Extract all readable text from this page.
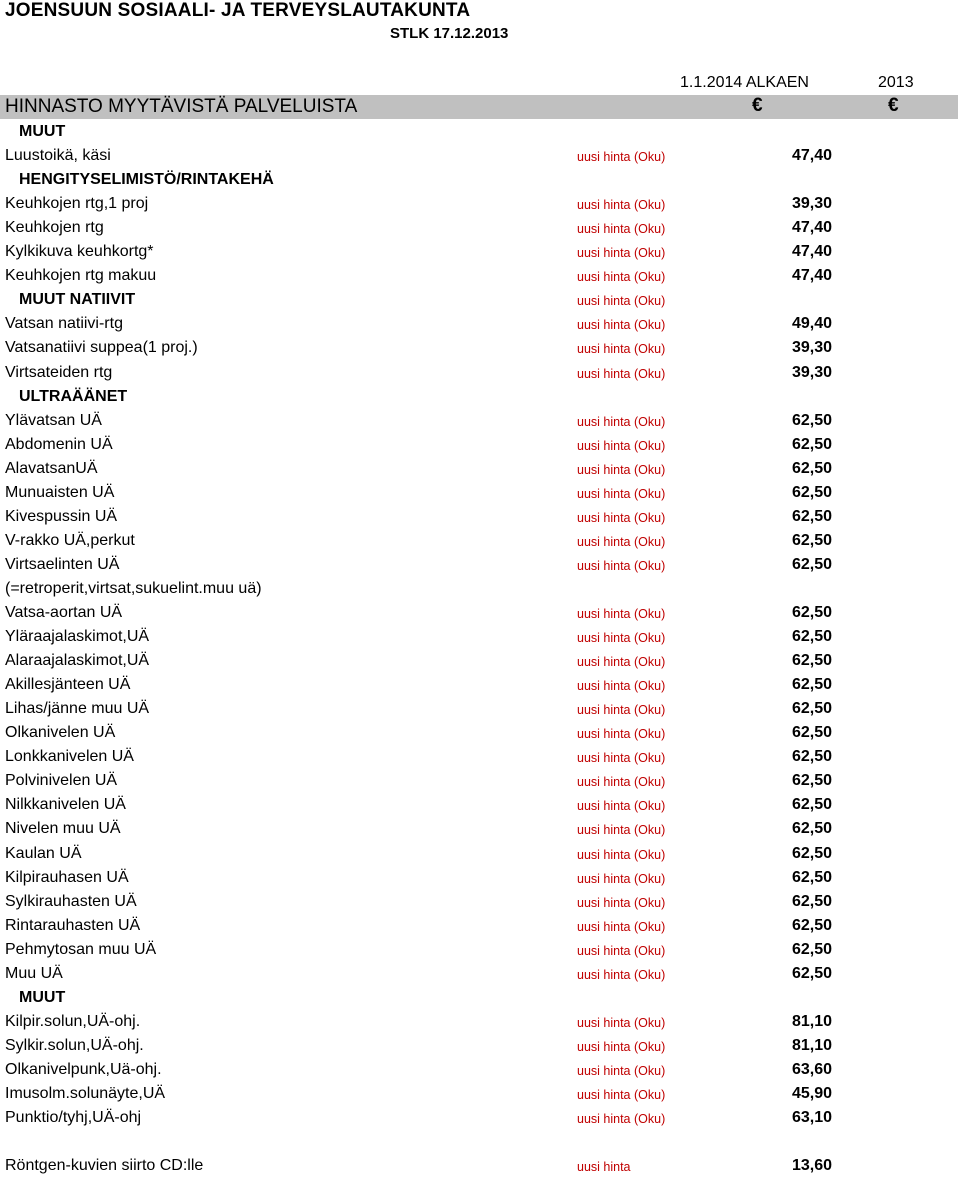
JOENSUUN SOSIAALI- JA TERVEYSLAUTAKUNTA
STLK 17.12.2013
1.1.2014 ALKAEN	2013
HINNASTO MYYTÄVISTÄ PALVELUISTA	€	€
MUUT
Luustoikä, käsi	uusi hinta (Oku)	47,40
HENGITYSELIMISTÖ/RINTAKEHÄ
Keuhkojen rtg,1 proj	uusi hinta (Oku)	39,30
Keuhkojen rtg	uusi hinta (Oku)	47,40
Kylkikuva keuhkortg*	uusi hinta (Oku)	47,40
Keuhkojen rtg makuu	uusi hinta (Oku)	47,40
MUUT NATIIVIT	uusi hinta (Oku)
Vatsan natiivi-rtg	uusi hinta (Oku)	49,40
Vatsanatiivi suppea(1 proj.)	uusi hinta (Oku)	39,30
Virtsateiden rtg	uusi hinta (Oku)	39,30
ULTRAÄÄNET
Ylävatsan UÄ	uusi hinta (Oku)	62,50
Abdomenin UÄ	uusi hinta (Oku)	62,50
AlavatsanUÄ	uusi hinta (Oku)	62,50
Munuaisten UÄ	uusi hinta (Oku)	62,50
Kivespussin UÄ	uusi hinta (Oku)	62,50
V-rakko UÄ,perkut	uusi hinta (Oku)	62,50
Virtsaelinten UÄ	uusi hinta (Oku)	62,50
(=retroperit,virtsat,sukuelint.muu uä)
Vatsa-aortan UÄ	uusi hinta (Oku)	62,50
Yläraajalaskimot,UÄ	uusi hinta (Oku)	62,50
Alaraajalaskimot,UÄ	uusi hinta (Oku)	62,50
Akillesjänteen UÄ	uusi hinta (Oku)	62,50
Lihas/jänne muu UÄ	uusi hinta (Oku)	62,50
Olkanivelen UÄ	uusi hinta (Oku)	62,50
Lonkkanivelen UÄ	uusi hinta (Oku)	62,50
Polvinivelen UÄ	uusi hinta (Oku)	62,50
Nilkkanivelen UÄ	uusi hinta (Oku)	62,50
Nivelen muu UÄ	uusi hinta (Oku)	62,50
Kaulan UÄ	uusi hinta (Oku)	62,50
Kilpirauhasen UÄ	uusi hinta (Oku)	62,50
Sylkirauhasten UÄ	uusi hinta (Oku)	62,50
Rintarauhasten UÄ	uusi hinta (Oku)	62,50
Pehmytosan muu UÄ	uusi hinta (Oku)	62,50
Muu UÄ	uusi hinta (Oku)	62,50
MUUT
Kilpir.solun,UÄ-ohj.	uusi hinta (Oku)	81,10
Sylkir.solun,UÄ-ohj.	uusi hinta (Oku)	81,10
Olkanivelpunk,Uä-ohj.	uusi hinta (Oku)	63,60
Imusolm.solunäyte,UÄ	uusi hinta (Oku)	45,90
Punktio/tyhj,UÄ-ohj	uusi hinta (Oku)	63,10
Röntgen-kuvien siirto CD:lle	uusi hinta	13,60
